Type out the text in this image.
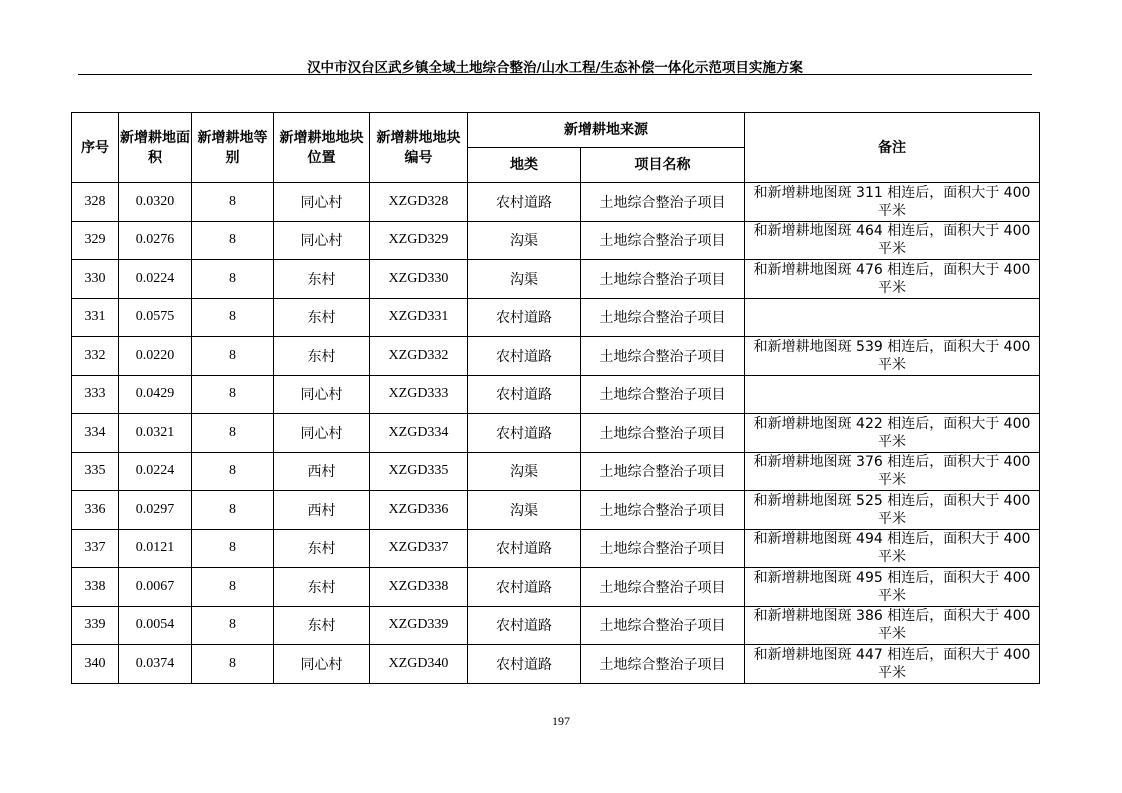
汉中市汉台区武乡镇全域土地综合整治/山水工程/生态补偿一体化示范项目实施方案
序号	新增耕地面积	新增耕地等别	新增耕地地块位置	新增耕地地块编号	新增耕地来源		备注
					地类	项目名称	
328	0.0320	8	同心村	XZGD328	农村道路	土地综合整治子项目	和新增耕地图斑 311 相连后，面积大于 400 平米
329	0.0276	8	同心村	XZGD329	沟渠	土地综合整治子项目	和新增耕地图斑 464 相连后，面积大于 400 平米
330	0.0224	8	东村	XZGD330	沟渠	土地综合整治子项目	和新增耕地图斑 476 相连后，面积大于 400 平米
331	0.0575	8	东村	XZGD331	农村道路	土地综合整治子项目	
332	0.0220	8	东村	XZGD332	农村道路	土地综合整治子项目	和新增耕地图斑 539 相连后，面积大于 400 平米
333	0.0429	8	同心村	XZGD333	农村道路	土地综合整治子项目	
334	0.0321	8	同心村	XZGD334	农村道路	土地综合整治子项目	和新增耕地图斑 422 相连后，面积大于 400 平米
335	0.0224	8	西村	XZGD335	沟渠	土地综合整治子项目	和新增耕地图斑 376 相连后，面积大于 400 平米
336	0.0297	8	西村	XZGD336	沟渠	土地综合整治子项目	和新增耕地图斑 525 相连后，面积大于 400 平米
337	0.0121	8	东村	XZGD337	农村道路	土地综合整治子项目	和新增耕地图斑 494 相连后，面积大于 400 平米
338	0.0067	8	东村	XZGD338	农村道路	土地综合整治子项目	和新增耕地图斑 495 相连后，面积大于 400 平米
339	0.0054	8	东村	XZGD339	农村道路	土地综合整治子项目	和新增耕地图斑 386 相连后，面积大于 400 平米
340	0.0374	8	同心村	XZGD340	农村道路	土地综合整治子项目	和新增耕地图斑 447 相连后，面积大于 400 平米
197
